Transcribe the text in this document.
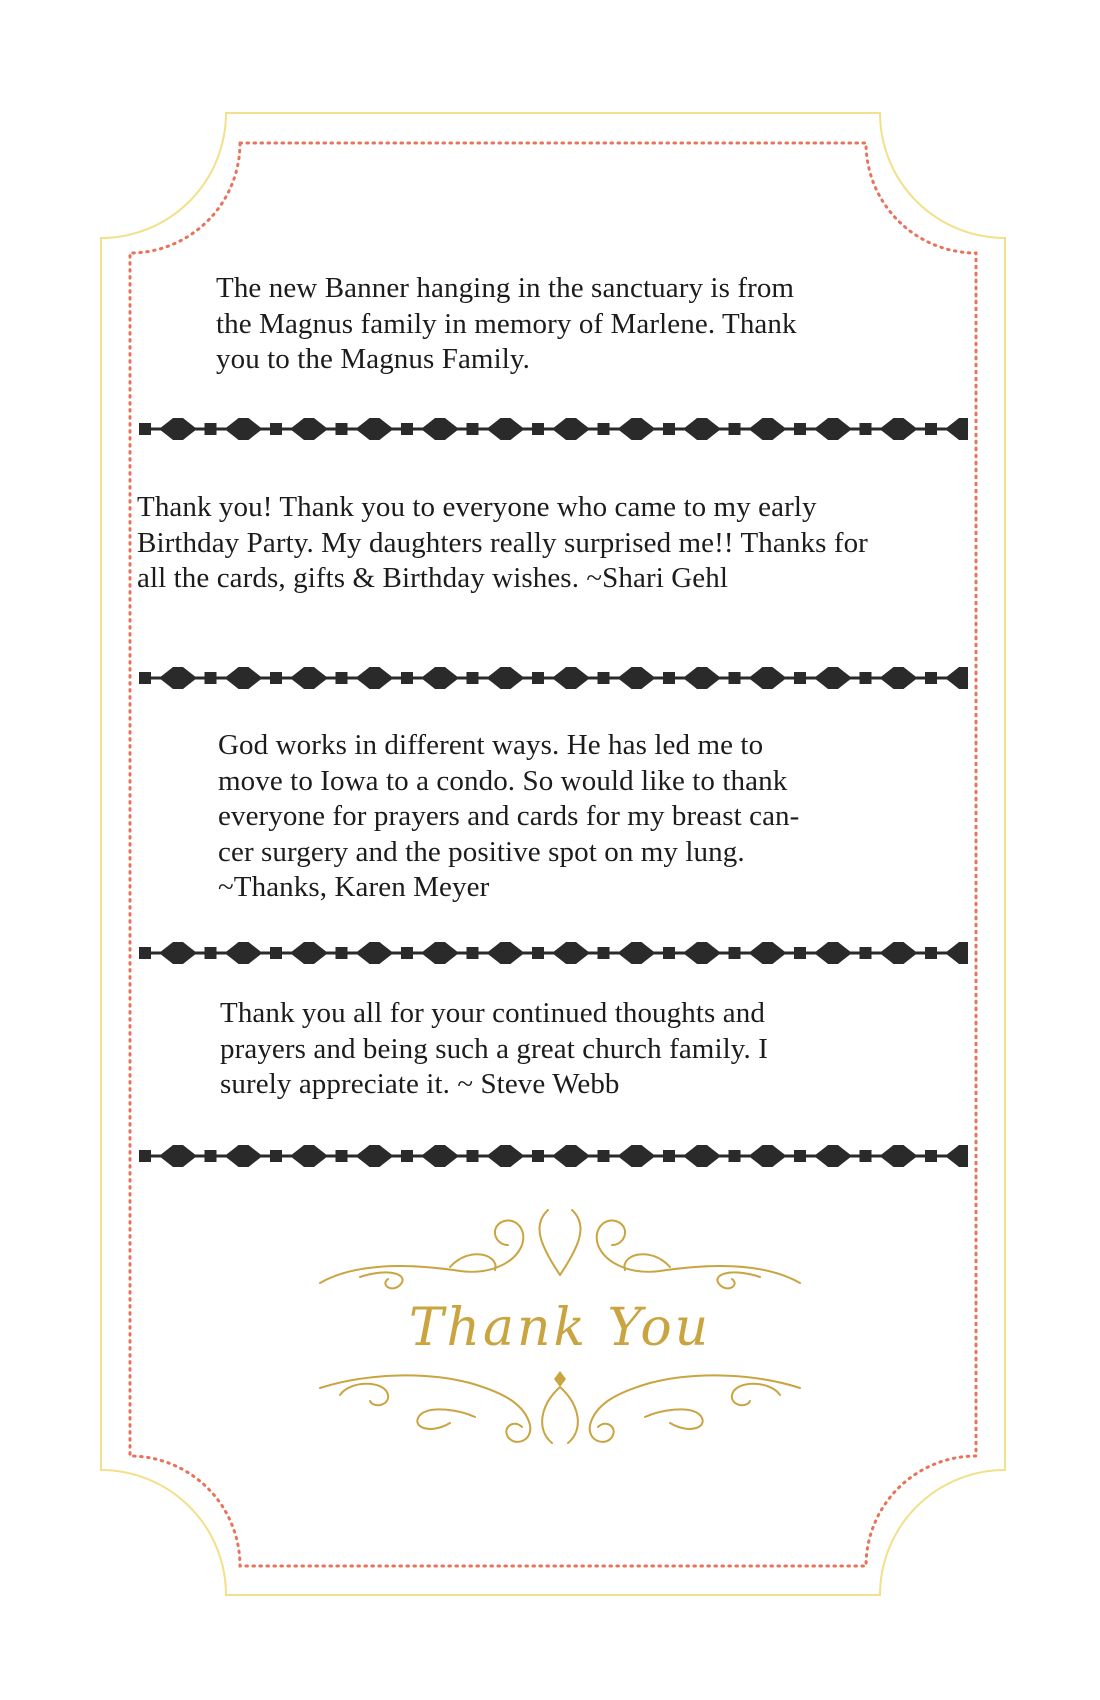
The new Banner hanging in the sanctuary is from
the Magnus family in memory of Marlene. Thank
you to the Magnus Family.
Thank you! Thank you to everyone who came to my early
Birthday Party. My daughters really surprised me!! Thanks for
all the cards, gifts & Birthday wishes. ~Shari Gehl
God works in different ways. He has led me to
move to Iowa to a condo. So would like to thank
everyone for prayers and cards for my breast can-
cer surgery and the positive spot on my lung.
~Thanks, Karen Meyer
Thank you all for your continued thoughts and
prayers and being such a great church family. I
surely appreciate it. ~ Steve Webb
Thank You
